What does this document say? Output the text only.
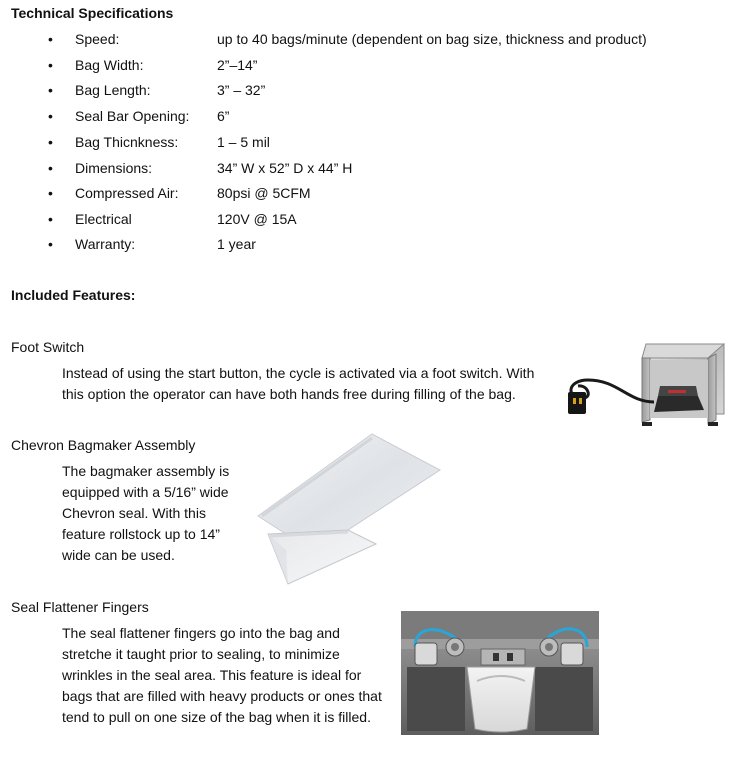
Technical Specifications
• Speed:	up to 40 bags/minute (dependent on bag size, thickness and product)
• Bag Width:	2”–14”
• Bag Length:	3” – 32”
• Seal Bar Opening: 6”
• Bag Thicnkness:	1 – 5 mil
• Dimensions:	34” W x 52” D x 44” H
• Compressed Air:	80psi @ 5CFM
• Electrical	120V @ 15A
• Warranty:	1 year
Included Features:
Foot Switch
Instead of using the start button, the cycle is activated via a foot switch. With
this option the operator can have both hands free during filling of the bag.
Chevron Bagmaker Assembly
The bagmaker assembly is
equipped with a 5/16” wide
Chevron seal. With this
feature rollstock up to 14”
wide can be used.
Seal Flattener Fingers
The seal flattener fingers go into the bag and
stretche it taught prior to sealing, to minimize
wrinkles in the seal area. This feature is ideal for
bags that are filled with heavy products or ones that
tend to pull on one size of the bag when it is filled.
